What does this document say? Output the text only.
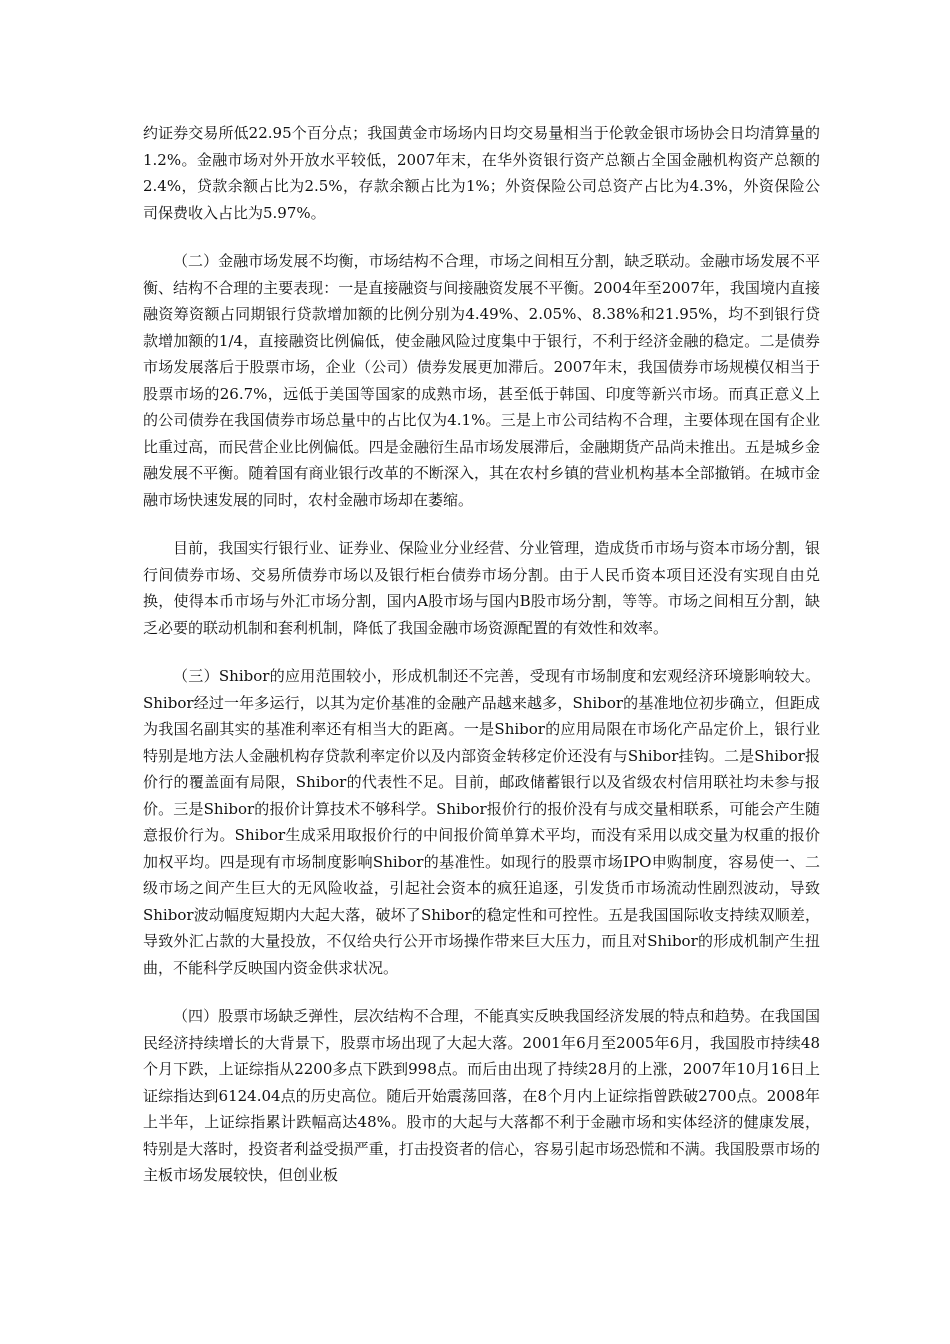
约证券交易所低22.95个百分点；我国黄金市场场内日均交易量相当于伦敦金银市场协会日均清算量的1.2%。金融市场对外开放水平较低，2007年末，在华外资银行资产总额占全国金融机构资产总额的2.4%，贷款余额占比为2.5%，存款余额占比为1%；外资保险公司总资产占比为4.3%，外资保险公司保费收入占比为5.97%。

（二）金融市场发展不均衡，市场结构不合理，市场之间相互分割，缺乏联动。金融市场发展不平衡、结构不合理的主要表现：一是直接融资与间接融资发展不平衡。2004年至2007年，我国境内直接融资筹资额占同期银行贷款增加额的比例分别为4.49%、2.05%、8.38%和21.95%，均不到银行贷款增加额的1/4，直接融资比例偏低，使金融风险过度集中于银行，不利于经济金融的稳定。二是债券市场发展落后于股票市场，企业（公司）债券发展更加滞后。2007年末，我国债券市场规模仅相当于股票市场的26.7%，远低于美国等国家的成熟市场，甚至低于韩国、印度等新兴市场。而真正意义上的公司债券在我国债券市场总量中的占比仅为4.1%。三是上市公司结构不合理，主要体现在国有企业比重过高，而民营企业比例偏低。四是金融衍生品市场发展滞后，金融期货产品尚未推出。五是城乡金融发展不平衡。随着国有商业银行改革的不断深入，其在农村乡镇的营业机构基本全部撤销。在城市金融市场快速发展的同时，农村金融市场却在萎缩。

目前，我国实行银行业、证券业、保险业分业经营、分业管理，造成货币市场与资本市场分割，银行间债券市场、交易所债券市场以及银行柜台债券市场分割。由于人民币资本项目还没有实现自由兑换，使得本币市场与外汇市场分割，国内A股市场与国内B股市场分割，等等。市场之间相互分割，缺乏必要的联动机制和套利机制，降低了我国金融市场资源配置的有效性和效率。

（三）Shibor的应用范围较小，形成机制还不完善，受现有市场制度和宏观经济环境影响较大。Shibor经过一年多运行，以其为定价基准的金融产品越来越多，Shibor的基准地位初步确立，但距成为我国名副其实的基准利率还有相当大的距离。一是Shibor的应用局限在市场化产品定价上，银行业特别是地方法人金融机构存贷款利率定价以及内部资金转移定价还没有与Shibor挂钩。二是Shibor报价行的覆盖面有局限，Shibor的代表性不足。目前，邮政储蓄银行以及省级农村信用联社均未参与报价。三是Shibor的报价计算技术不够科学。Shibor报价行的报价没有与成交量相联系，可能会产生随意报价行为。Shibor生成采用取报价行的中间报价简单算术平均，而没有采用以成交量为权重的报价加权平均。四是现有市场制度影响Shibor的基准性。如现行的股票市场IPO申购制度，容易使一、二级市场之间产生巨大的无风险收益，引起社会资本的疯狂追逐，引发货币市场流动性剧烈波动，导致Shibor波动幅度短期内大起大落，破坏了Shibor的稳定性和可控性。五是我国国际收支持续双顺差，导致外汇占款的大量投放，不仅给央行公开市场操作带来巨大压力，而且对Shibor的形成机制产生扭曲，不能科学反映国内资金供求状况。

（四）股票市场缺乏弹性，层次结构不合理，不能真实反映我国经济发展的特点和趋势。在我国国民经济持续增长的大背景下，股票市场出现了大起大落。2001年6月至2005年6月，我国股市持续48个月下跌，上证综指从2200多点下跌到998点。而后由出现了持续28月的上涨，2007年10月16日上证综指达到6124.04点的历史高位。随后开始震荡回落，在8个月内上证综指曾跌破2700点。2008年上半年，上证综指累计跌幅高达48%。股市的大起与大落都不利于金融市场和实体经济的健康发展，特别是大落时，投资者利益受损严重，打击投资者的信心，容易引起市场恐慌和不满。我国股票市场的主板市场发展较快，但创业板
